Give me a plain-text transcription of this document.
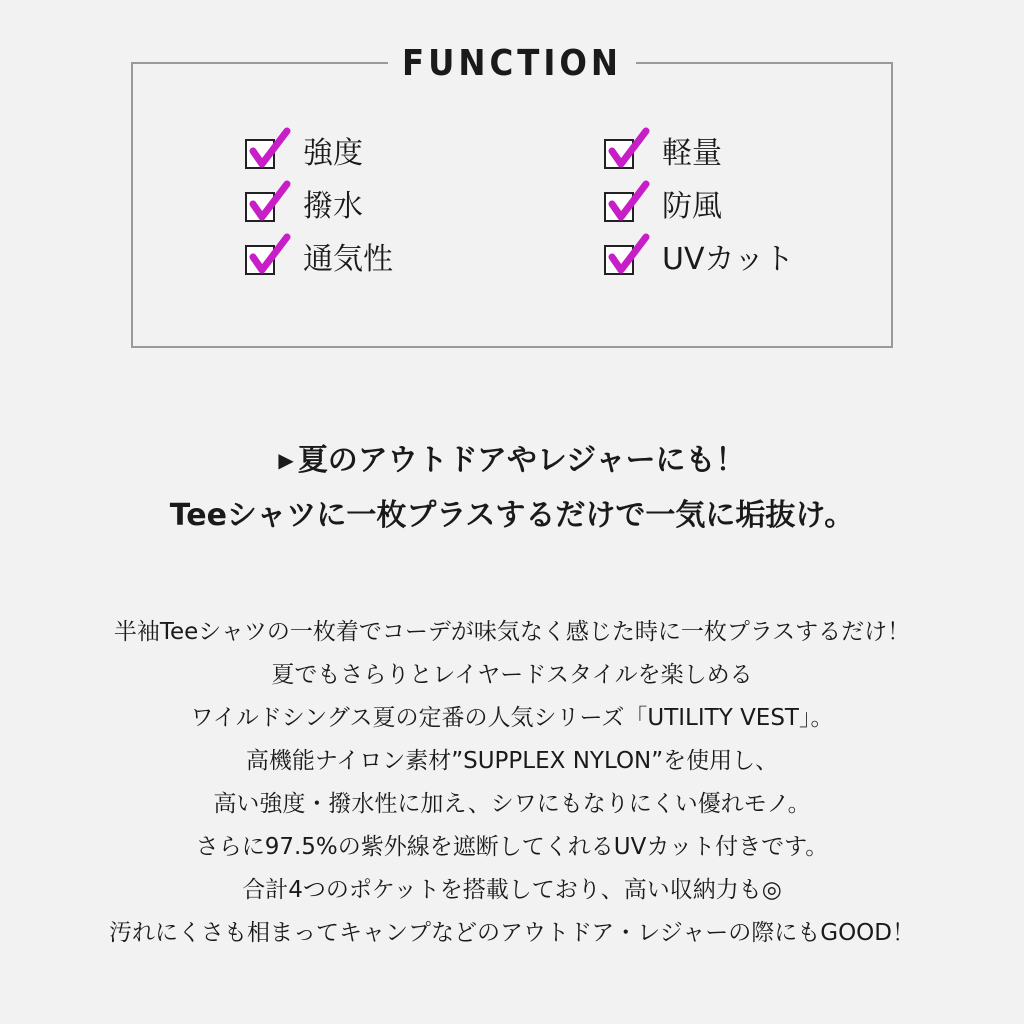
FUNCTION
強度
撥水
通気性
軽量
防風
UVカット
▶ 夏のアウトドアやレジャーにも！
Teeシャツに一枚プラスするだけで一気に垢抜け。
半袖Teeシャツの一枚着でコーデが味気なく感じた時に一枚プラスするだけ！
夏でもさらりとレイヤードスタイルを楽しめる
ワイルドシングス夏の定番の人気シリーズ「UTILITY VEST」。
高機能ナイロン素材”SUPPLEX NYLON”を使用し、
高い強度・撥水性に加え、シワにもなりにくい優れモノ。
さらに97.5%の紫外線を遮断してくれるUVカット付きです。
合計4つのポケットを搭載しており、高い収納力も◎
汚れにくさも相まってキャンプなどのアウトドア・レジャーの際にもGOOD！
